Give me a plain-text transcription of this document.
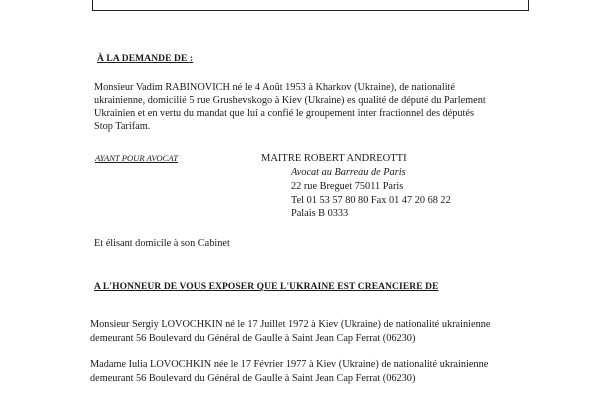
À LA DEMANDE DE :
Monsieur Vadim RABINOVICH né le 4 Août 1953 à Kharkov (Ukraine), de nationalité
ukrainienne, domicilié 5 rue Grushevskogo à Kiev (Ukraine) es qualité de député du Parlement
Ukrainien et en vertu du mandat que lui a confié le groupement inter fractionnel des députés
Stop Tarifam.
AYANT POUR AVOCAT	MAITRE ROBERT ANDREOTTI
Avocat au Barreau de Paris
22 rue Breguet 75011 Paris
Tel 01 53 57 80 80 Fax 01 47 20 68 22
Palais B 0333
Et élisant domicile à son Cabinet
A L'HONNEUR DE VOUS EXPOSER QUE L'UKRAINE EST CREANCIERE DE
Monsieur Sergiy LOVOCHKIN né le 17 Juillet 1972 à Kiev (Ukraine) de nationalité ukrainienne
demeurant 56 Boulevard du Général de Gaulle à Saint Jean Cap Ferrat (06230)
Madame Iulia LOVOCHKIN née le 17 Février 1977 à Kiev (Ukraine) de nationalité ukrainienne
demeurant 56 Boulevard du Général de Gaulle à Saint Jean Cap Ferrat (06230)
